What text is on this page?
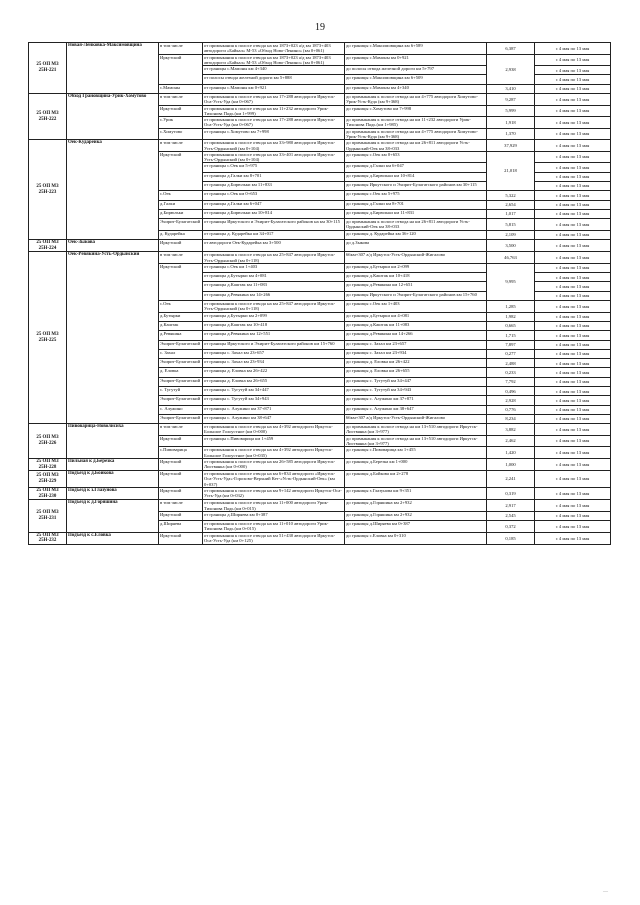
19
25 ОП МЗ 25Н-221	Новая-Ленковка-Максимовщина	в том числе	от примыкания к полосе отвода на км 1873+023 а/д км 1873+403 автодороги «Байкал» М-53 «Обход Ново-Ленино» (км 0+061)	до границы с.Максимовщина км 6+589	6,387	с 4 мая по 13 мая
		Иркутский	от примыкания к полосе отвода на км 1873+023 а/д км 1873+403 автодороги «Байкал» М-53 «Обход Ново-Ленино» (км 0+061)	до границы с.Мамоны км 0+921	2,938	с 4 мая по 13 мая
			от границы с.Мамоны км 4+340	до полосы отвода железной дороги км 5+797		с 4 мая по 13 мая
			от полосы отвода железной дороги км 5+888	до границы с.Максимовщина км 6+509		с 4 мая по 13 мая
		с.Мамоны	от границы с.Мамоны км 0+921	до границы с.Мамоны км 4+340	3,410	с 4 мая по 13 мая
25 ОП МЗ 25Н-222	Обход Грановщина-Урик-Хомутово	в том числе	от примыкания к полосе отвода на км 17+288 автодороги Иркутск-Оса-Усть-Уда (км 0+067)	до примыкания к полосе отвода на км 4+775 автодороги Хомутово-Урик-Усть-Куда (км 9+368)	9,287	с 4 мая по 13 мая
		Иркутский	от примыкания к полосе отвода на км 11+232 автодороги Урик-Тихонова Падь (км 1+999)	до границы с.Хомутово км 7+998	5,999	с 4 мая по 13 мая
		с.Урик	от примыкания к полосе отвода на км 17+288 автодороги Иркутск-Оса-Усть-Уда (км 0+067)	до примыкания к полосе отвода на км 11+232 автодороги Урик-Тихонова Падь (км 1+985)	1,918	с 4 мая по 13 мая
		с.Хомутово	от границы с.Хомутово км 7+998	до примыкания к полосе отвода на км 4+775 автодороги Хомутово-Урик-Усть-Куда (км 9+368)	1,370	с 4 мая по 13 мая
25 ОП МЗ 25Н-223	Оек-Кударейка	в том числе	от примыкания к полосе отвода на км 33+980 автодороги Иркутск-Усть-Ордынский (км 0+104)	до примыкания к полосе отвода на км 26+811 автодороги Усть-Ордынский-Оек км 38+033	37,929	с 4 мая по 13 мая
		Иркутский	от примыкания к полосе отвода на км 33+401 автодороги Иркутск-Усть-Ордынский (км 0+104)	до границы с.Оек км 0+653	21,018	с 4 мая по 13 мая
			от границы с.Оек км 5+975	до границы д.Галки км 6+047		с 4 мая по 13 мая
			от границы д.Галки км 8+701	до границы д.Бирюльки км 10+814		с 4 мая по 13 мая
			от границы д.Бирюльки км 11+833	до границы Иркутского и Эхирит-Булагатского районов км 30+115		с 4 мая по 13 мая
		с.Оек	от границы с.Оек км 0+653	до границы с.Оек км 5+975	5,322	с 4 мая по 13 мая
		д.Галки	от границы д.Галки км 6+047	до границы д.Галки км 8+701	2,654	с 4 мая по 13 мая
		д.Бирюльки	от границы д.Бирюльки км 10+814	до границы д.Бирюльки км 11+831	1,017	с 4 мая по 13 мая
		Эхирит-Булагатский	от границы Иркутского и Эхирит-Булагатского районов на км 30+115	до примыкания к полосе отвода на км 26+811 автодороги Усть-Ордынский-Оек км 38+033	5,815	с 4 мая по 13 мая
		д. Кударейка	от границы д. Кударейка км 34+017	до границы д. Кударейка км 36+120	2,109	с 4 мая по 13 мая
25 ОП МЗ 25Н-224	Оек-Зыкова	Иркутский	от автодороги Оек-Кударейка км 3+500	до д.Зыкова	3,500	с 4 мая по 13 мая
25 ОП МЗ 25Н-225	Оек-Ревякина-Усть-Ордынский	в том числе	от примыкания к полосе отвода на км 25+847 автодороги Иркутск-Усть-Ордынский (км 0+118)	66км+307 а/д Иркутск-Усть-Ордынский-Жигалово	46,763	с 4 мая по 13 мая
		Иркутский	от границы с.Оек км 1+403	до границы д.Бутырки км 2+099	9,995	с 4 мая по 13 мая
			от границы д.Бутырки км 4+081	до границы д.Каштак км 10+418		с 4 мая по 13 мая
			от границы д.Каштак км 11+083	до границы д.Ревякина км 12+651		с 4 мая по 13 мая
			от границы д.Ревякина км 14+266	до границы Иркутского и Эхирит-Булагатского районов км 15+760		с 4 мая по 13 мая
		с.Оек	от примыкания к полосе отвода на км 25+847 автодороги Иркутск-Усть-Ордынский (км 0+118)	до границы с.Оек км 1+403	1,285	с 4 мая по 13 мая
		д.Бутырки	от границы д.Бутырки км 2+099	до границы д.Бутырки км 4+081	1,982	с 4 мая по 13 мая
		д.Каштак	от границы д.Каштак км 10+418	до границы д.Каштак км 11+083	0,665	с 4 мая по 13 мая
		д.Ревякина	от границы д.Ревякина км 12+551	до границы д.Ревякина км 14+266	1,715	с 4 мая по 13 мая
		Эхирит-Булагатский	от границы Иркутского и Эхирит-Булагатского районов км 15+760	до границы с. Захал км 23+657	7,897	с 4 мая по 13 мая
		с. Захал	от границы с. Захал км 23+657	до границы с. Захал км 23+934	0,277	с 4 мая по 13 мая
		Эхирит-Булагатский	от границы с. Захал км 23+934	до границы д. Еловка км 26+422	2,488	с 4 мая по 13 мая
		д. Еловка	от границы д. Еловка км 26+422	до границы д. Еловка км 26+655	0,233	с 4 мая по 13 мая
		Эхирит-Булагатский	от границы д. Еловка км 26+655	до границы с. Тугутуй км 34+447	7,792	с 4 мая по 13 мая
		с. Тугутуй	от границы с. Тугутуй км 34+447	до границы с. Тугутуй км 34+943	0,496	с 4 мая по 13 мая
		Эхирит-Булагатский	от границы с. Тугутуй км 34+943	до границы с. Алужино км 37+871	2,928	с 4 мая по 13 мая
		с. Алужино	от границы с. Алужино км 37+871	до границы с. Алужино км 38+647	0,776	с 4 мая по 13 мая
		Эхирит-Булагатский	от границы с. Алужино км 38+647	66км+307 а/д Иркутск-Усть-Ордынский-Жигалово	8,234	с 4 мая по 13 мая
25 ОП МЗ 25Н-226	Пивоварица-Новолисиха	в том числе	от примыкания к полосе отвода на км 4+392 автодороги Иркутск-Большое Голоустное (км 0+000)	до примыкания к полосе отвода на км 13+510 автодороги Иркутск-Листвянка (км 3+977)	3,882	с 4 мая по 13 мая
		Иркутский	от границы с.Пивоварица км 1+459	до примыкания к полосе отвода на км 13+510 автодороги Иркутск-Листвянка (км 3+977)	2,462	с 4 мая по 13 мая
		с.Пивоварица	от примыкания к полосе отвода на км 4+392 автодороги Иркутск-Большое Голоустное (км 0+035)	до границы с.Пивоварица км 1+455	1,420	с 4 мая по 13 мая
25 ОП МЗ 25Н-228	Пильная к д.Березка	Иркутский	от примыкания к полосе отвода на км 26+585 автодороги Иркутск-Листвянка (км 0+000)	до границы д.Березка км 1+000	1,000	с 4 мая по 13 мая
25 ОП МЗ 25Н-229	Подъезд к д.Бойкова	Иркутский	от примыкания к полосе отвода на км 6+834 автодороги «Иркутск-Оса-Усть-Уда»-Горохово-Верхний Кет-«Усть-Ордынский-Оек» (км 0+037)	до границы д.Бойкова км 2+278	2,241	с 4 мая по 13 мая
25 ОП МЗ 25Н-230	Подъезд к з.Глазунова	Иркутский	от примыкания к полосе отвода на км 9+142 автодороги Иркутск-Оса-Усть-Уда (км 0+032)	до границы з.Глазунова км 9+351	0,319	с 4 мая по 13 мая
25 ОП МЗ 25Н-231	Подъезд к д.Горяшина	в том числе	от примыкания к полосе отвода на км 11+000 автодороги Урик-Тихонова Падь (км 0+015)	до границы д.Горяшина км 2+932	2,917	с 4 мая по 13 мая
		Иркутский	от границы д.Ширяева км 0+387	до границы д.Горяшина км 2+932	2,545	с 4 мая по 13 мая
		д.Ширяева	от примыкания к полосе отвода на км 11+010 автодороги Урик-Тихонова Падь (км 0+015)	до границы д.Ширяева км 0+387	0,372	с 4 мая по 13 мая
25 ОП МЗ 25Н-232	Подъезд к с.Еловка	Иркутский	от примыкания к полосе отвода на км 51+430 автодороги Иркутск-Оса-Усть-Уда (км 0+125)	до границы с.Еловка км 0+310	0,185	с 4 мая по 13 мая
—
